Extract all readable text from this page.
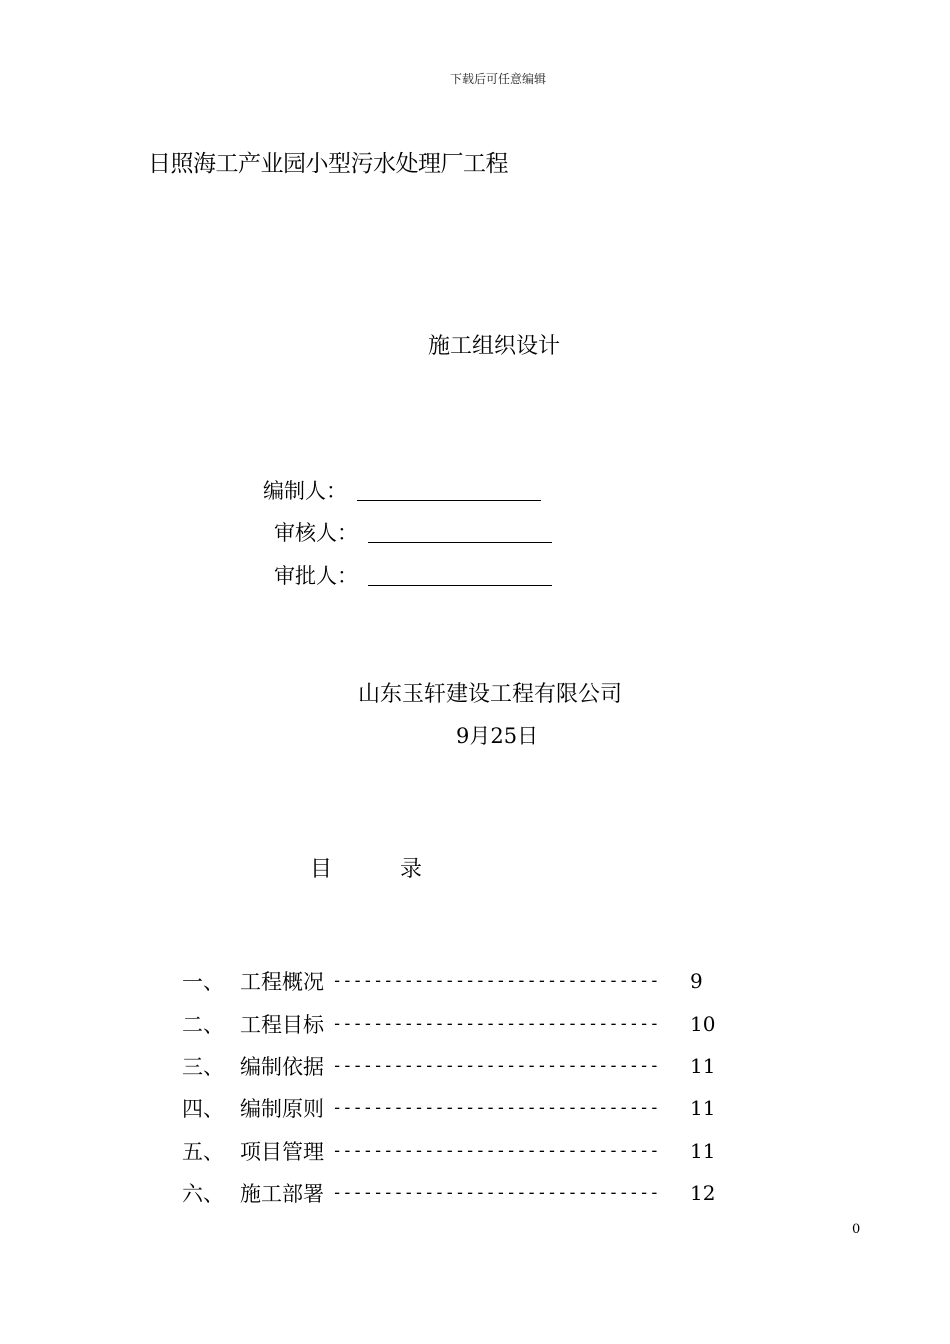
下载后可任意编辑
日照海工产业园小型污水处理厂工程
施工组织设计
编制人：
审核人：
审批人：
山东玉轩建设工程有限公司
9月25日
目	录
一、 工程概况 --------------------------------	9
二、 工程目标 --------------------------------	10
三、 编制依据 --------------------------------	11
四、 编制原则 --------------------------------	11
五、 项目管理 --------------------------------	11
六、 施工部署 --------------------------------	12
0
